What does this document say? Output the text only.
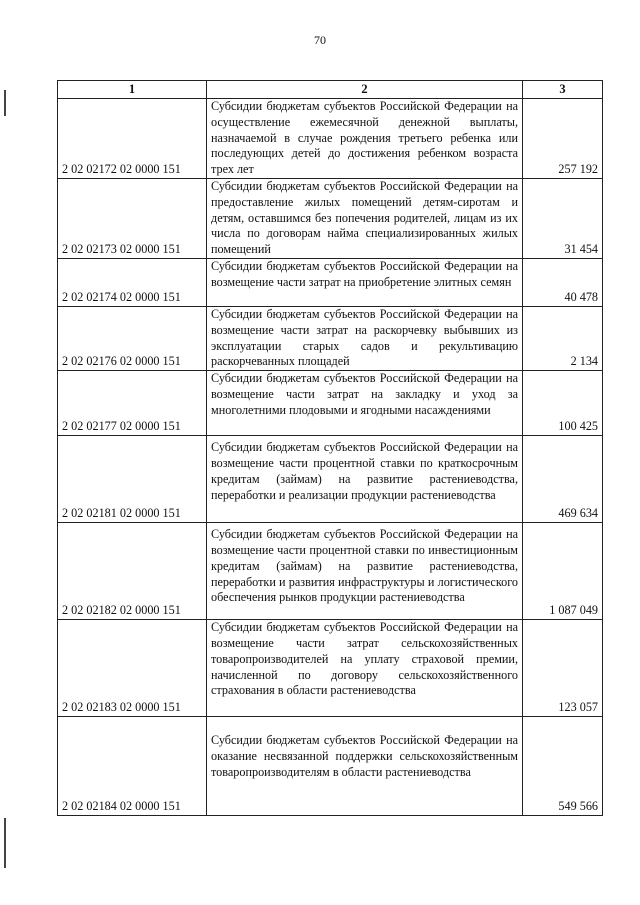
70
1	2	3
2 02 02172 02 0000 151	Субсидии бюджетам субъектов Российской Федерации на осуществление ежемесячной денежной выплаты, назначаемой в случае рождения третьего ребенка или последующих детей до достижения ребенком возраста трех лет	257 192
2 02 02173 02 0000 151	Субсидии бюджетам субъектов Российской Федерации на предоставление жилых помещений детям-сиротам и детям, оставшимся без попечения родителей, лицам из их числа по договорам найма специализированных жилых помещений	31 454
2 02 02174 02 0000 151	Субсидии бюджетам субъектов Российской Федерации на возмещение части затрат на приобретение элитных семян	40 478
2 02 02176 02 0000 151	Субсидии бюджетам субъектов Российской Федерации на возмещение части затрат на раскорчевку выбывших из эксплуатации старых садов и рекультивацию раскорчеванных площадей	2 134
2 02 02177 02 0000 151	Субсидии бюджетам субъектов Российской Федерации на возмещение части затрат на закладку и уход за многолетними плодовыми и ягодными насаждениями	100 425
2 02 02181 02 0000 151	Субсидии бюджетам субъектов Российской Федерации на возмещение части процентной ставки по краткосрочным кредитам (займам) на развитие растениеводства, переработки и реализации продукции растениеводства	469 634
2 02 02182 02 0000 151	Субсидии бюджетам субъектов Российской Федерации на возмещение части процентной ставки по инвестиционным кредитам (займам) на развитие растениеводства, переработки и развития инфраструктуры и логистического обеспечения рынков продукции растениеводства	1 087 049
2 02 02183 02 0000 151	Субсидии бюджетам субъектов Российской Федерации на возмещение части затрат сельскохозяйственных товаропроизводителей на уплату страховой премии, начисленной по договору сельскохозяйственного страхования в области растениеводства	123 057
2 02 02184 02 0000 151	Субсидии бюджетам субъектов Российской Федерации на оказание несвязанной поддержки сельскохозяйственным товаропроизводителям в области растениеводства	549 566
